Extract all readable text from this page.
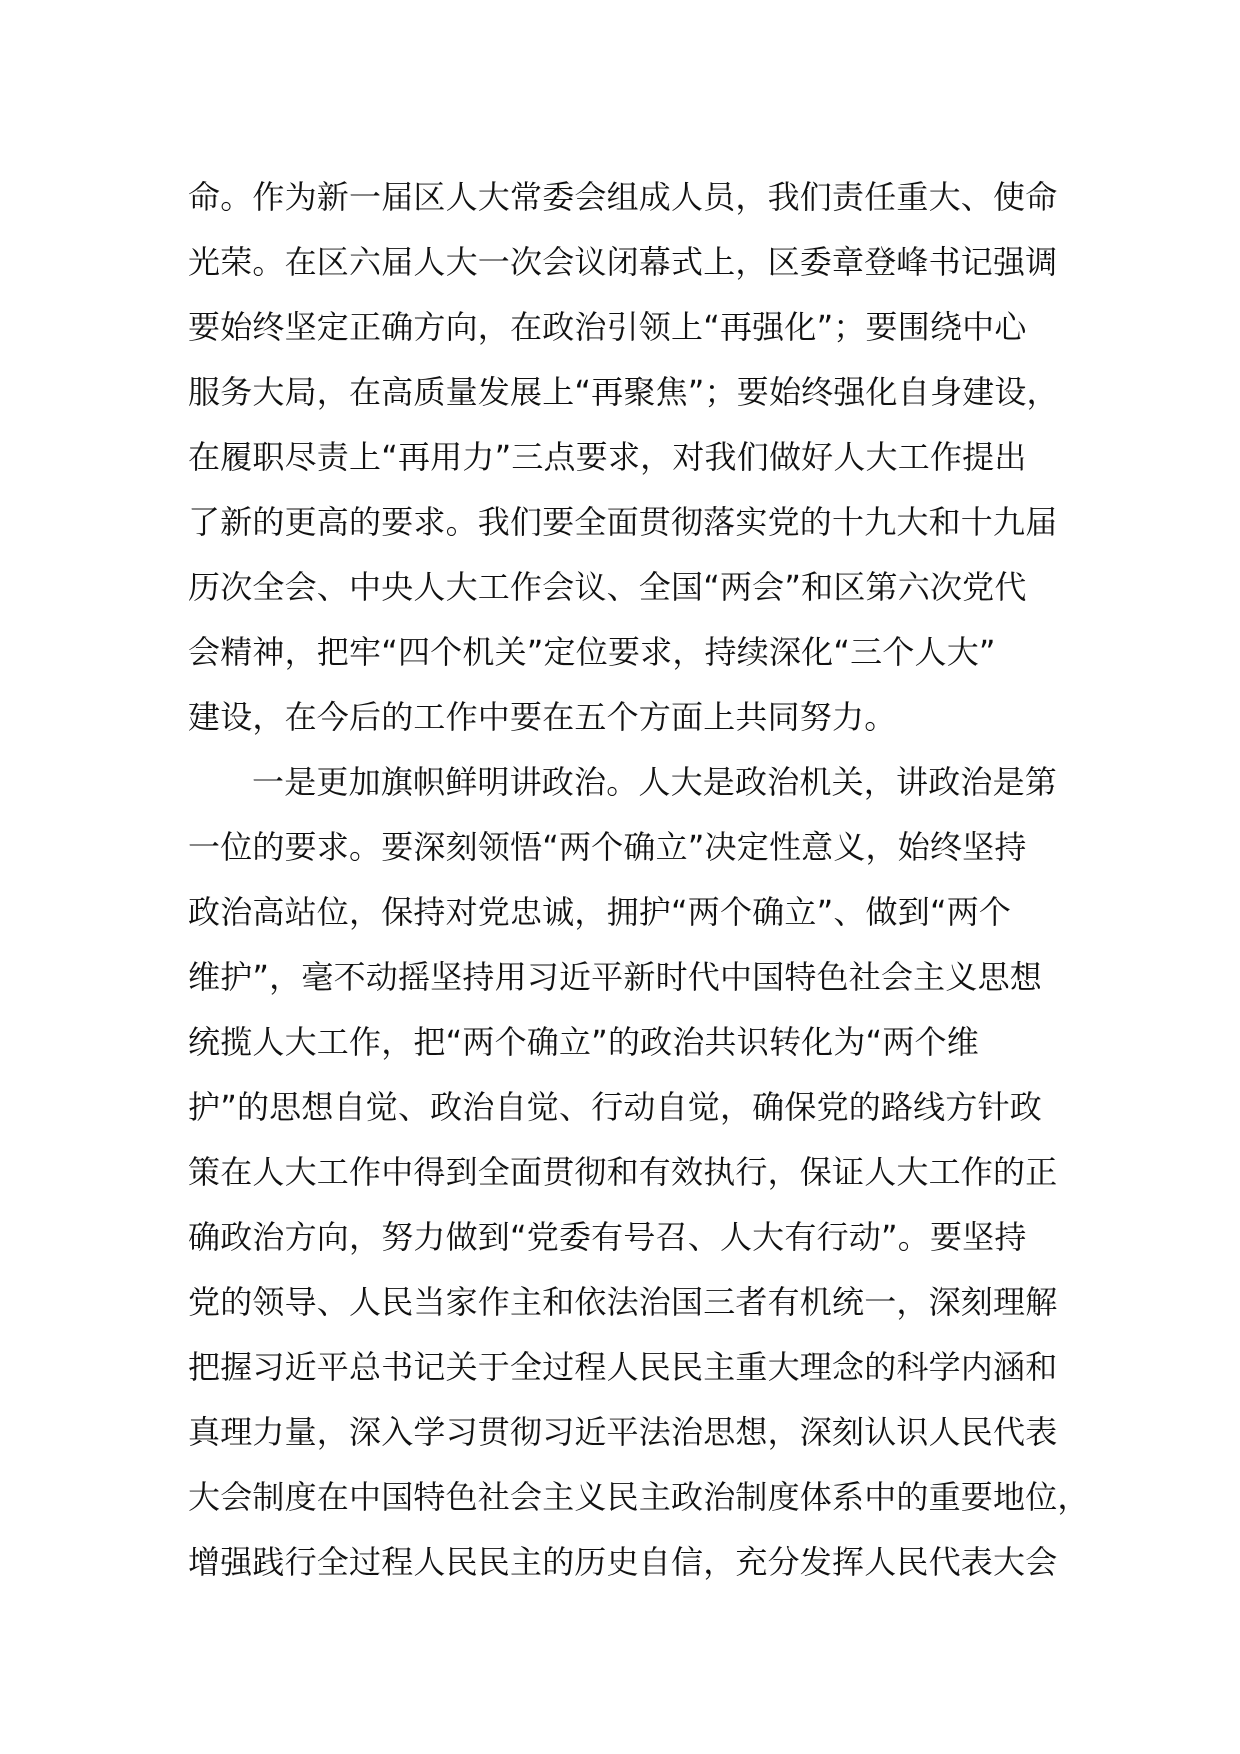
命。作为新一届区人大常委会组成人员，我们责任重大、使命
光荣。在区六届人大一次会议闭幕式上，区委章登峰书记强调
要始终坚定正确方向，在政治引领上“再强化”；要围绕中心
服务大局，在高质量发展上“再聚焦”；要始终强化自身建设，
在履职尽责上“再用力”三点要求，对我们做好人大工作提出
了新的更高的要求。我们要全面贯彻落实党的十九大和十九届
历次全会、中央人大工作会议、全国“两会”和区第六次党代
会精神，把牢“四个机关”定位要求，持续深化“三个人大”
建设，在今后的工作中要在五个方面上共同努力。
一是更加旗帜鲜明讲政治。人大是政治机关，讲政治是第
一位的要求。要深刻领悟“两个确立”决定性意义，始终坚持
政治高站位，保持对党忠诚，拥护“两个确立”、做到“两个
维护”，毫不动摇坚持用习近平新时代中国特色社会主义思想
统揽人大工作，把“两个确立”的政治共识转化为“两个维
护”的思想自觉、政治自觉、行动自觉，确保党的路线方针政
策在人大工作中得到全面贯彻和有效执行，保证人大工作的正
确政治方向，努力做到“党委有号召、人大有行动”。要坚持
党的领导、人民当家作主和依法治国三者有机统一，深刻理解
把握习近平总书记关于全过程人民民主重大理念的科学内涵和
真理力量，深入学习贯彻习近平法治思想，深刻认识人民代表
大会制度在中国特色社会主义民主政治制度体系中的重要地位，
增强践行全过程人民民主的历史自信，充分发挥人民代表大会
